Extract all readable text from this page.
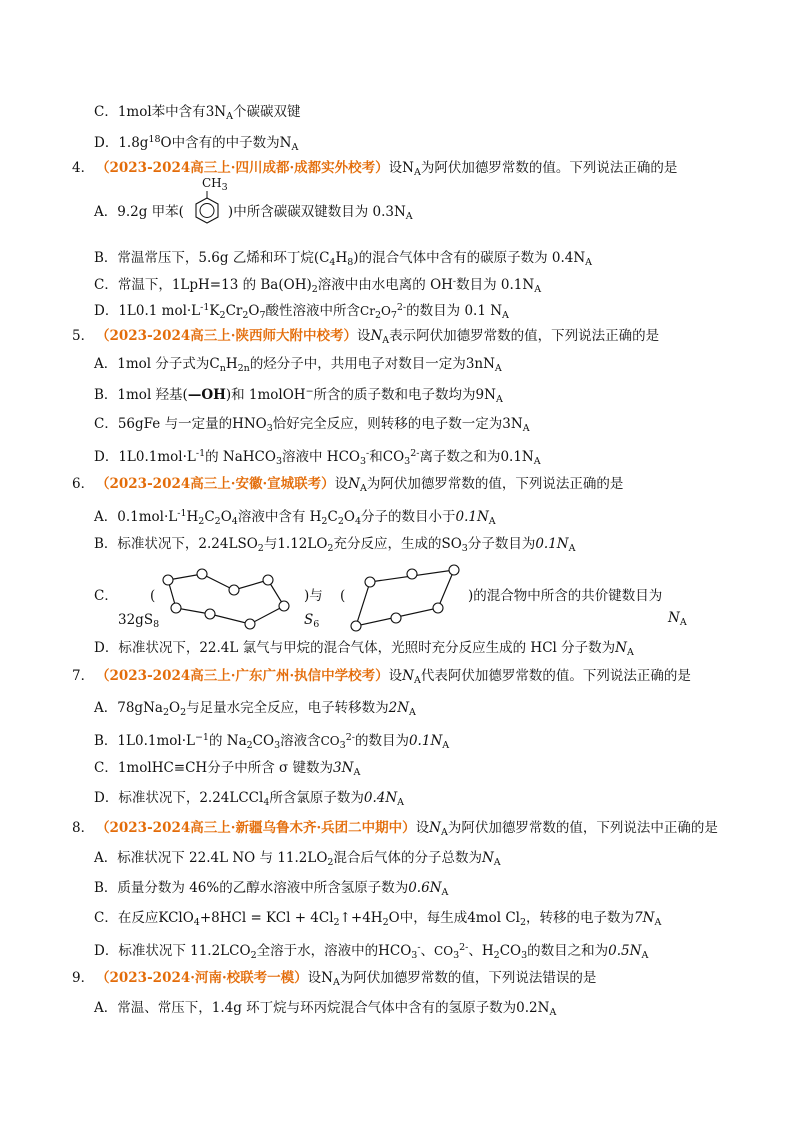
C．1mol苯中含有$3N_A$个碳碳双键
D．$1.8g^{18}O$中含有的中子数为$N_A$
4． （2023-2024高三上·四川成都·成都实外校考）设$N_A$为阿伏加德罗常数的值。下列说法正确的是
A．9.2g 甲苯(	)中所含碳碳双键数目为 $0.3N_A$
$CH_3$
B．常温常压下，5.6g 乙烯和环丁烷$(C_4H_8)$的混合气体中含有的碳原子数为 $0.4N_A$
C．常温下，1LpH=13 的 $Ba(OH)_2$溶液中由水电离的 OH-数目为 $0.1N_A$
D．1L0.1 $mol\cdot L^{-1}K_2Cr_2O_7$酸性溶液中所含$Cr_2O_7^{2-}$的数目为 0.1 $N_A$
5． （2023-2024高三上·陕西师大附中校考）设$N_A$表示阿伏加德罗常数的值，下列说法正确的是
A．1mol 分子式为$C_nH_{2n}$的烃分子中，共用电子对数目一定为$3nN_A$
B．1mol 羟基(—OH)和 1molOH−所含的质子数和电子数均为$9N_A$
C．56gFe 与一定量的$HNO_3$恰好完全反应，则转移的电子数一定为$3N_A$
D．$1L0.1mol\cdot L^{-1}$的 NaHCO$_3$溶液中 $HCO_3^-$和$CO_3^{2-}$离子数之和为$0.1N_A$
6． （2023-2024高三上·安徽·宣城联考）设$N_A$为阿伏加德罗常数的值，下列说法正确的是
A．$0.1mol\cdot L^{-1}H_2C_2O_4$溶液中含有 $H_2C_2O_4$分子的数目小于$0.1N_A$
B．标准状况下，$2.24LSO_2$与$1.12LO_2$充分反应，生成的$SO_3$分子数目为$0.1N_A$
C． (
$32gS_8$
)与
$S_6$
(	)的混合物中所含的共价键数目为
$N_A$
D．标准状况下，22.4L 氯气与甲烷的混合气体，光照时充分反应生成的 HCl 分子数为$N_A$
7． （2023-2024高三上·广东广州·执信中学校考）设$N_A$代表阿伏加德罗常数的值。下列说法正确的是
A．$78gNa_2O_2$与足量水完全反应，电子转移数为$2N_A$
B．$1L0.1mol\cdot L^{-1}$的 $Na_2CO_3$溶液含$CO_3^{2-}$的数目为$0.1N_A$
C．1molHC≡CH分子中所含 σ 键数为$3N_A$
D．标准状况下，2.24LCCl$_4$所含氯原子数为$0.4N_A$
8． （2023-2024高三上·新疆乌鲁木齐·兵团二中期中）设$N_A$为阿伏加德罗常数的值，下列说法中正确的是
A．标准状况下 22.4L NO 与 $11.2LO_2$混合后气体的分子总数为$N_A$
B．质量分数为 46%的乙醇水溶液中所含氢原子数为$0.6N_A$
C．在反应KClO$_4$+8HCl = KCl + $4Cl_2↑+4H_2O$中，每生成4mol $Cl_2$，转移的电子数为$7N_A$
D．标准状况下 $11.2LCO_2$全溶于水，溶液中的$HCO_3^-$、$CO_3^{2-}$、$H_2CO_3$的数目之和为$0.5N_A$
9． （2023-2024·河南·校联考一模）设$N_A$为阿伏加德罗常数的值，下列说法错误的是
A．常温、常压下，1.4g 环丁烷与环丙烷混合气体中含有的氢原子数为$0.2N_A$
